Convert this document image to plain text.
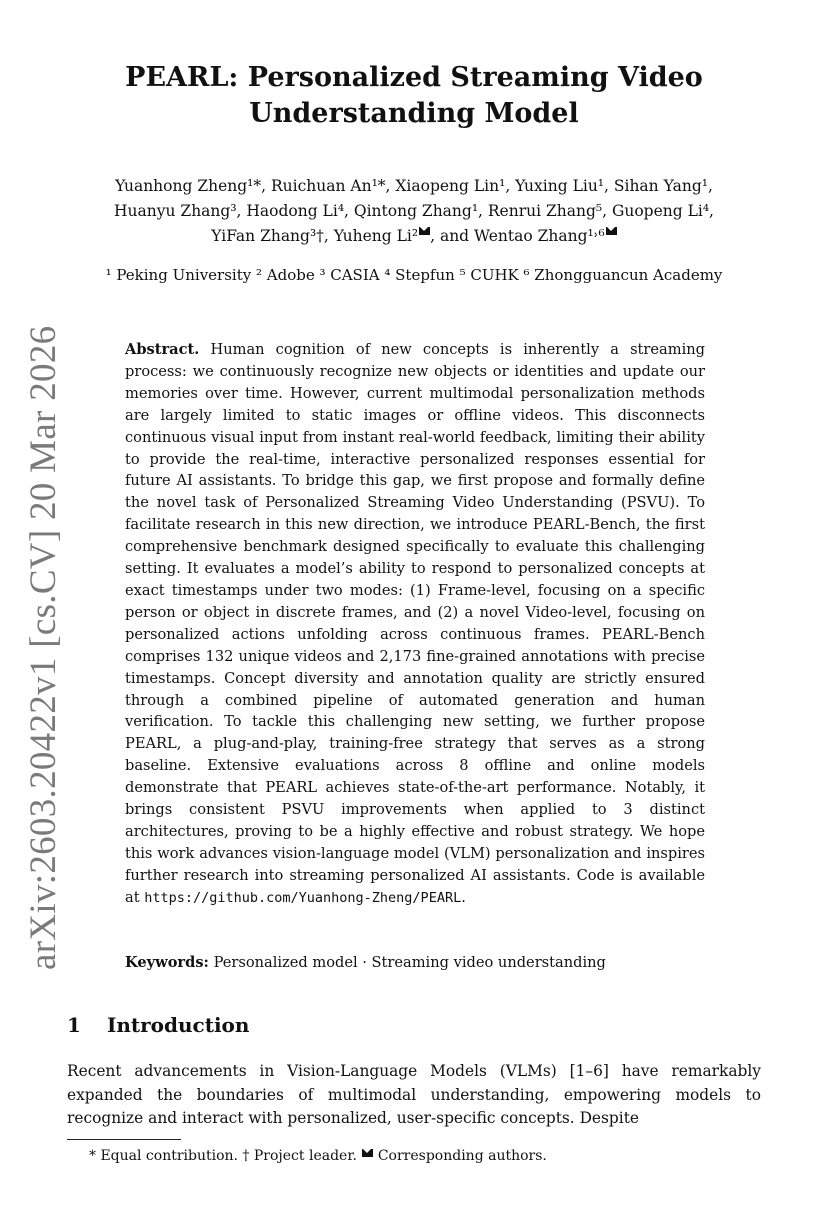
arXiv:2603.20422v1 [cs.CV] 20 Mar 2026
PEARL: Personalized Streaming Video
Understanding Model
Yuanhong Zheng¹*, Ruichuan An¹*, Xiaopeng Lin¹, Yuxing Liu¹, Sihan Yang¹,
Huanyu Zhang³, Haodong Li⁴, Qintong Zhang¹, Renrui Zhang⁵, Guopeng Li⁴,
YiFan Zhang³†, Yuheng Li² , and Wentao Zhang¹˒⁶
¹ Peking University ² Adobe ³ CASIA ⁴ Stepfun ⁵ CUHK ⁶ Zhongguancun Academy
Abstract. Human cognition of new concepts is inherently a streaming process: we continuously recognize new objects or identities and update our memories over time. However, current multimodal personalization methods are largely limited to static images or offline videos. This disconnects continuous visual input from instant real-world feedback, limiting their ability to provide the real-time, interactive personalized responses essential for future AI assistants. To bridge this gap, we first propose and formally define the novel task of Personalized Streaming Video Understanding (PSVU). To facilitate research in this new direction, we introduce PEARL-Bench, the first comprehensive benchmark designed specifically to evaluate this challenging setting. It evaluates a model’s ability to respond to personalized concepts at exact timestamps under two modes: (1) Frame-level, focusing on a specific person or object in discrete frames, and (2) a novel Video-level, focusing on personalized actions unfolding across continuous frames. PEARL-Bench comprises 132 unique videos and 2,173 fine-grained annotations with precise timestamps. Concept diversity and annotation quality are strictly ensured through a combined pipeline of automated generation and human verification. To tackle this challenging new setting, we further propose PEARL, a plug-and-play, training-free strategy that serves as a strong baseline. Extensive evaluations across 8 offline and online models demonstrate that PEARL achieves state-of-the-art performance. Notably, it brings consistent PSVU improvements when applied to 3 distinct architectures, proving to be a highly effective and robust strategy. We hope this work advances vision-language model (VLM) personalization and inspires further research into streaming personalized AI assistants. Code is available at https://github.com/Yuanhong-Zheng/PEARL.
Keywords: Personalized model · Streaming video understanding
1 Introduction
Recent advancements in Vision-Language Models (VLMs) [1–6] have remarkably expanded the boundaries of multimodal understanding, empowering models to recognize and interact with personalized, user-specific concepts. Despite
* Equal contribution. † Project leader. Corresponding authors.
